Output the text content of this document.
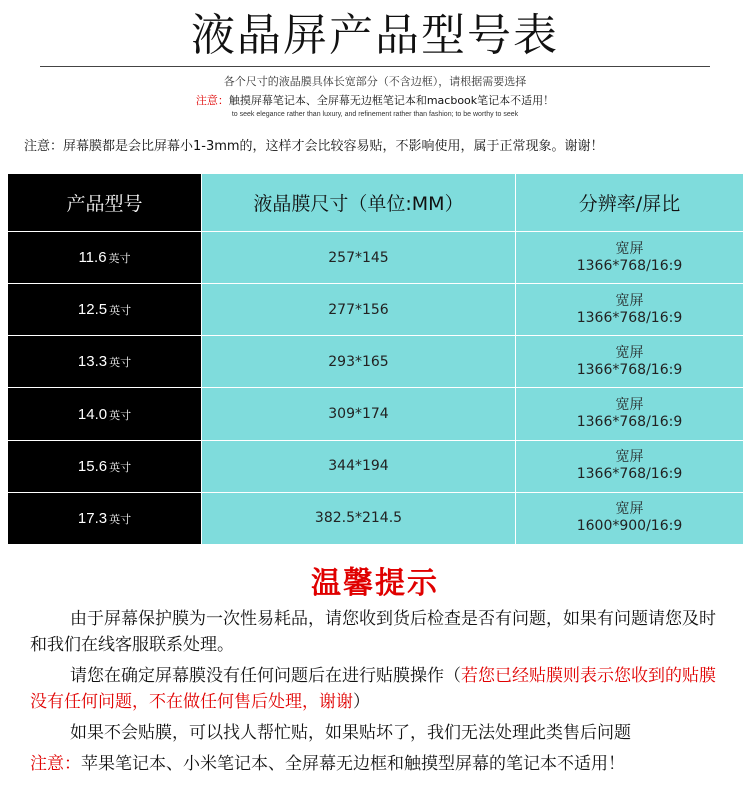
液晶屏产品型号表
各个尺寸的液晶膜具体长宽部分（不含边框），请根据需要选择
注意：触摸屏幕笔记本、全屏幕无边框笔记本和macbook笔记本不适用！
to seek elegance rather than luxury, and refinement rather than fashion; to be worthy to seek
注意：屏幕膜都是会比屏幕小1-3mm的，这样才会比较容易贴，不影响使用，属于正常现象。谢谢！
产品型号	液晶膜尺寸（单位:MM）	分辨率/屏比
11.6 英寸	257*145	宽屏
1366*768/16:9

12.5 英寸	277*156	宽屏
1366*768/16:9

13.3 英寸	293*165	宽屏
1366*768/16:9

14.0 英寸	309*174	宽屏
1366*768/16:9

15.6 英寸	344*194	宽屏
1366*768/16:9

17.3 英寸	382.5*214.5	宽屏
1600*900/16:9
温馨提示
由于屏幕保护膜为一次性易耗品，请您收到货后检查是否有问题，如果有问题请您及时和我们在线客服联系处理。
请您在确定屏幕膜没有任何问题后在进行贴膜操作（若您已经贴膜则表示您收到的贴膜没有任何问题，不在做任何售后处理，谢谢）
如果不会贴膜，可以找人帮忙贴，如果贴坏了，我们无法处理此类售后问题
注意：苹果笔记本、小米笔记本、全屏幕无边框和触摸型屏幕的笔记本不适用！
